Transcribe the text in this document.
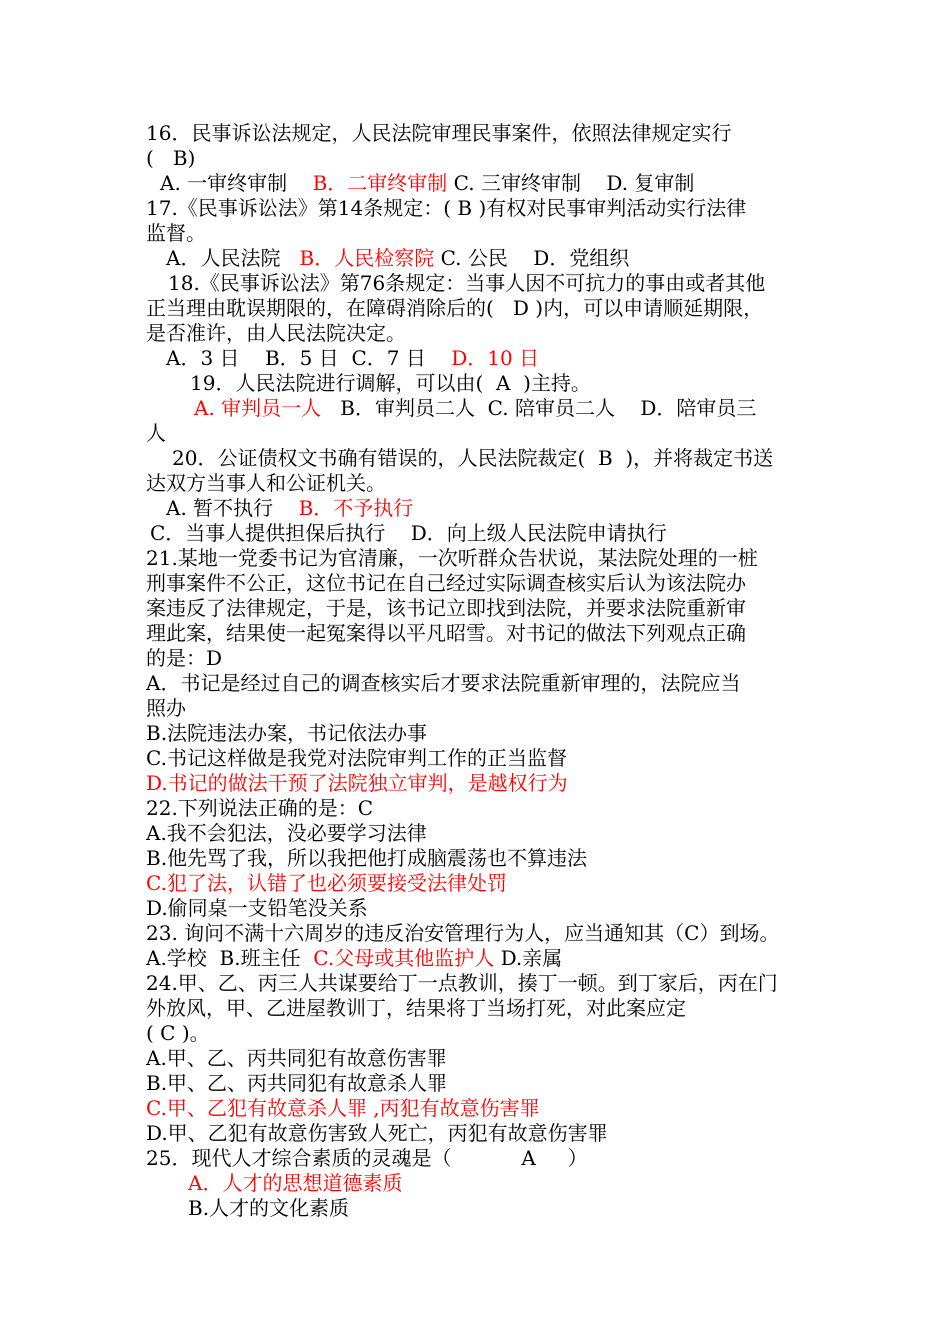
16．民事诉讼法规定，人民法院审理民事案件，依照法律规定实行
(   B)
A. 一审终审制    B．二审终审制 C. 三审终审制    D. 复审制
17.《民事诉讼法》第14条规定：( B )有权对民事审判活动实行法律
监督。
A．人民法院   B．人民检察院 C. 公民    D．党组织
18.《民事诉讼法》第76条规定：当事人因不可抗力的事由或者其他
正当理由耽误期限的，在障碍消除后的(   D )内，可以申请顺延期限，
是否准许，由人民法院决定。
A．3 日    B．5 日  C．7 日    D．10 日
19．人民法院进行调解，可以由(  A  )主持。
A. 审判员一人   B．审判员二人  C. 陪审员二人    D．陪审员三
人
20．公证债权文书确有错误的，人民法院裁定(  B  )，并将裁定书送
达双方当事人和公证机关。
A. 暂不执行    B．不予执行
C．当事人提供担保后执行    D．向上级人民法院申请执行
21.某地一党委书记为官清廉，一次听群众告状说，某法院处理的一桩
刑事案件不公正，这位书记在自己经过实际调查核实后认为该法院办
案违反了法律规定，于是，该书记立即找到法院，并要求法院重新审
理此案，结果使一起冤案得以平凡昭雪。对书记的做法下列观点正确
的是：D
A．书记是经过自己的调查核实后才要求法院重新审理的，法院应当
照办
B.法院违法办案，书记依法办事
C.书记这样做是我党对法院审判工作的正当监督
D.书记的做法干预了法院独立审判，是越权行为
22.下列说法正确的是：C
A.我不会犯法，没必要学习法律
B.他先骂了我，所以我把他打成脑震荡也不算违法
C.犯了法，认错了也必须要接受法律处罚
D.偷同桌一支铅笔没关系
23. 询问不满十六周岁的违反治安管理行为人，应当通知其（C）到场。
A.学校  B.班主任  C.父母或其他监护人 D.亲属
24.甲、乙、丙三人共谋要给丁一点教训，揍丁一顿。到丁家后，丙在门
外放风，甲、乙进屋教训丁，结果将丁当场打死，对此案应定
( C )。
A.甲、乙、丙共同犯有故意伤害罪
B.甲、乙、丙共同犯有故意杀人罪
C.甲、乙犯有故意杀人罪 ,丙犯有故意伤害罪
D.甲、乙犯有故意伤害致人死亡，丙犯有故意伤害罪
25．现代人才综合素质的灵魂是（           A     ）
A．人才的思想道德素质
B.人才的文化素质
